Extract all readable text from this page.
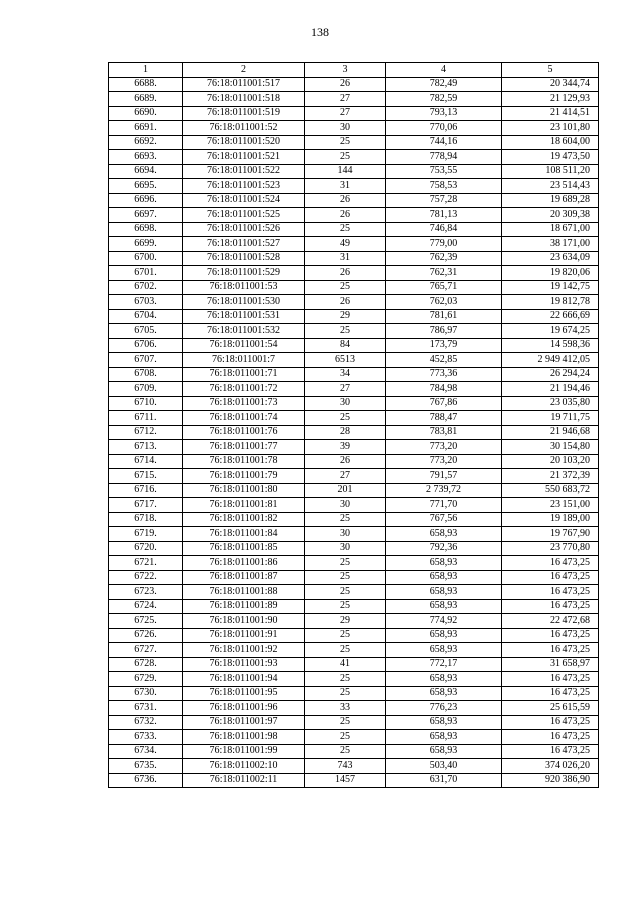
138
1	2	3	4	5
6688.	76:18:011001:517	26	782,49	20 344,74
6689.	76:18:011001:518	27	782,59	21 129,93
6690.	76:18:011001:519	27	793,13	21 414,51
6691.	76:18:011001:52	30	770,06	23 101,80
6692.	76:18:011001:520	25	744,16	18 604,00
6693.	76:18:011001:521	25	778,94	19 473,50
6694.	76:18:011001:522	144	753,55	108 511,20
6695.	76:18:011001:523	31	758,53	23 514,43
6696.	76:18:011001:524	26	757,28	19 689,28
6697.	76:18:011001:525	26	781,13	20 309,38
6698.	76:18:011001:526	25	746,84	18 671,00
6699.	76:18:011001:527	49	779,00	38 171,00
6700.	76:18:011001:528	31	762,39	23 634,09
6701.	76:18:011001:529	26	762,31	19 820,06
6702.	76:18:011001:53	25	765,71	19 142,75
6703.	76:18:011001:530	26	762,03	19 812,78
6704.	76:18:011001:531	29	781,61	22 666,69
6705.	76:18:011001:532	25	786,97	19 674,25
6706.	76:18:011001:54	84	173,79	14 598,36
6707.	76:18:011001:7	6513	452,85	2 949 412,05
6708.	76:18:011001:71	34	773,36	26 294,24
6709.	76:18:011001:72	27	784,98	21 194,46
6710.	76:18:011001:73	30	767,86	23 035,80
6711.	76:18:011001:74	25	788,47	19 711,75
6712.	76:18:011001:76	28	783,81	21 946,68
6713.	76:18:011001:77	39	773,20	30 154,80
6714.	76:18:011001:78	26	773,20	20 103,20
6715.	76:18:011001:79	27	791,57	21 372,39
6716.	76:18:011001:80	201	2 739,72	550 683,72
6717.	76:18:011001:81	30	771,70	23 151,00
6718.	76:18:011001:82	25	767,56	19 189,00
6719.	76:18:011001:84	30	658,93	19 767,90
6720.	76:18:011001:85	30	792,36	23 770,80
6721.	76:18:011001:86	25	658,93	16 473,25
6722.	76:18:011001:87	25	658,93	16 473,25
6723.	76:18:011001:88	25	658,93	16 473,25
6724.	76:18:011001:89	25	658,93	16 473,25
6725.	76:18:011001:90	29	774,92	22 472,68
6726.	76:18:011001:91	25	658,93	16 473,25
6727.	76:18:011001:92	25	658,93	16 473,25
6728.	76:18:011001:93	41	772,17	31 658,97
6729.	76:18:011001:94	25	658,93	16 473,25
6730.	76:18:011001:95	25	658,93	16 473,25
6731.	76:18:011001:96	33	776,23	25 615,59
6732.	76:18:011001:97	25	658,93	16 473,25
6733.	76:18:011001:98	25	658,93	16 473,25
6734.	76:18:011001:99	25	658,93	16 473,25
6735.	76:18:011002:10	743	503,40	374 026,20
6736.	76:18:011002:11	1457	631,70	920 386,90
